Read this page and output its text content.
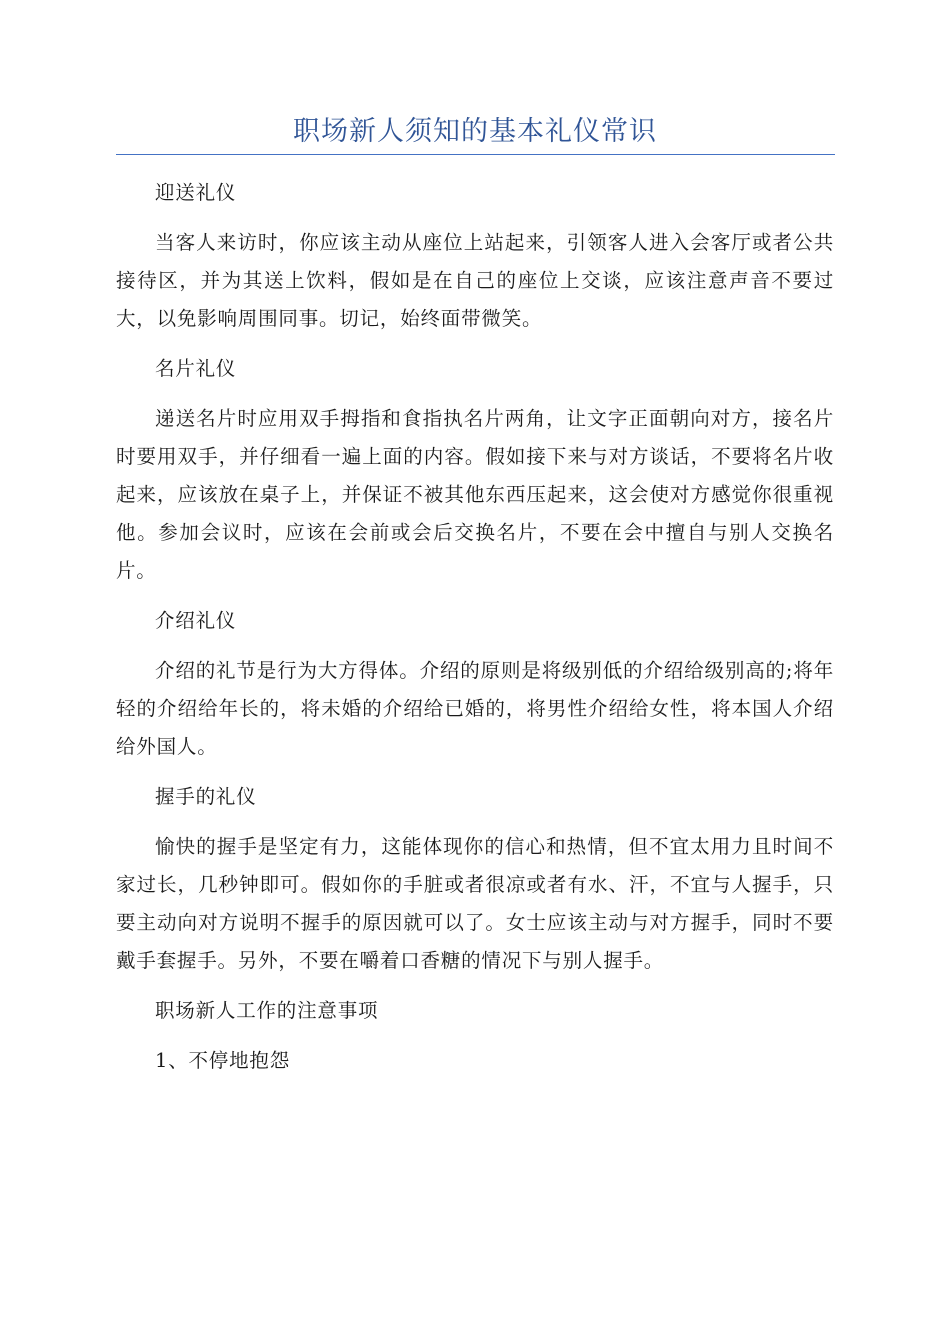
职场新人须知的基本礼仪常识

迎送礼仪

当客人来访时，你应该主动从座位上站起来，引领客人进入会客厅或者公共接待区，并为其送上饮料，假如是在自己的座位上交谈，应该注意声音不要过大，以免影响周围同事。切记，始终面带微笑。

名片礼仪

递送名片时应用双手拇指和食指执名片两角，让文字正面朝向对方，接名片时要用双手，并仔细看一遍上面的内容。假如接下来与对方谈话，不要将名片收起来，应该放在桌子上，并保证不被其他东西压起来，这会使对方感觉你很重视他。参加会议时，应该在会前或会后交换名片，不要在会中擅自与别人交换名片。

介绍礼仪

介绍的礼节是行为大方得体。介绍的原则是将级别低的介绍给级别高的;将年轻的介绍给年长的，将未婚的介绍给已婚的，将男性介绍给女性，将本国人介绍给外国人。

握手的礼仪

愉快的握手是坚定有力，这能体现你的信心和热情，但不宜太用力且时间不家过长，几秒钟即可。假如你的手脏或者很凉或者有水、汗，不宜与人握手，只要主动向对方说明不握手的原因就可以了。女士应该主动与对方握手，同时不要戴手套握手。另外，不要在嚼着口香糖的情况下与别人握手。

职场新人工作的注意事项

1、不停地抱怨
